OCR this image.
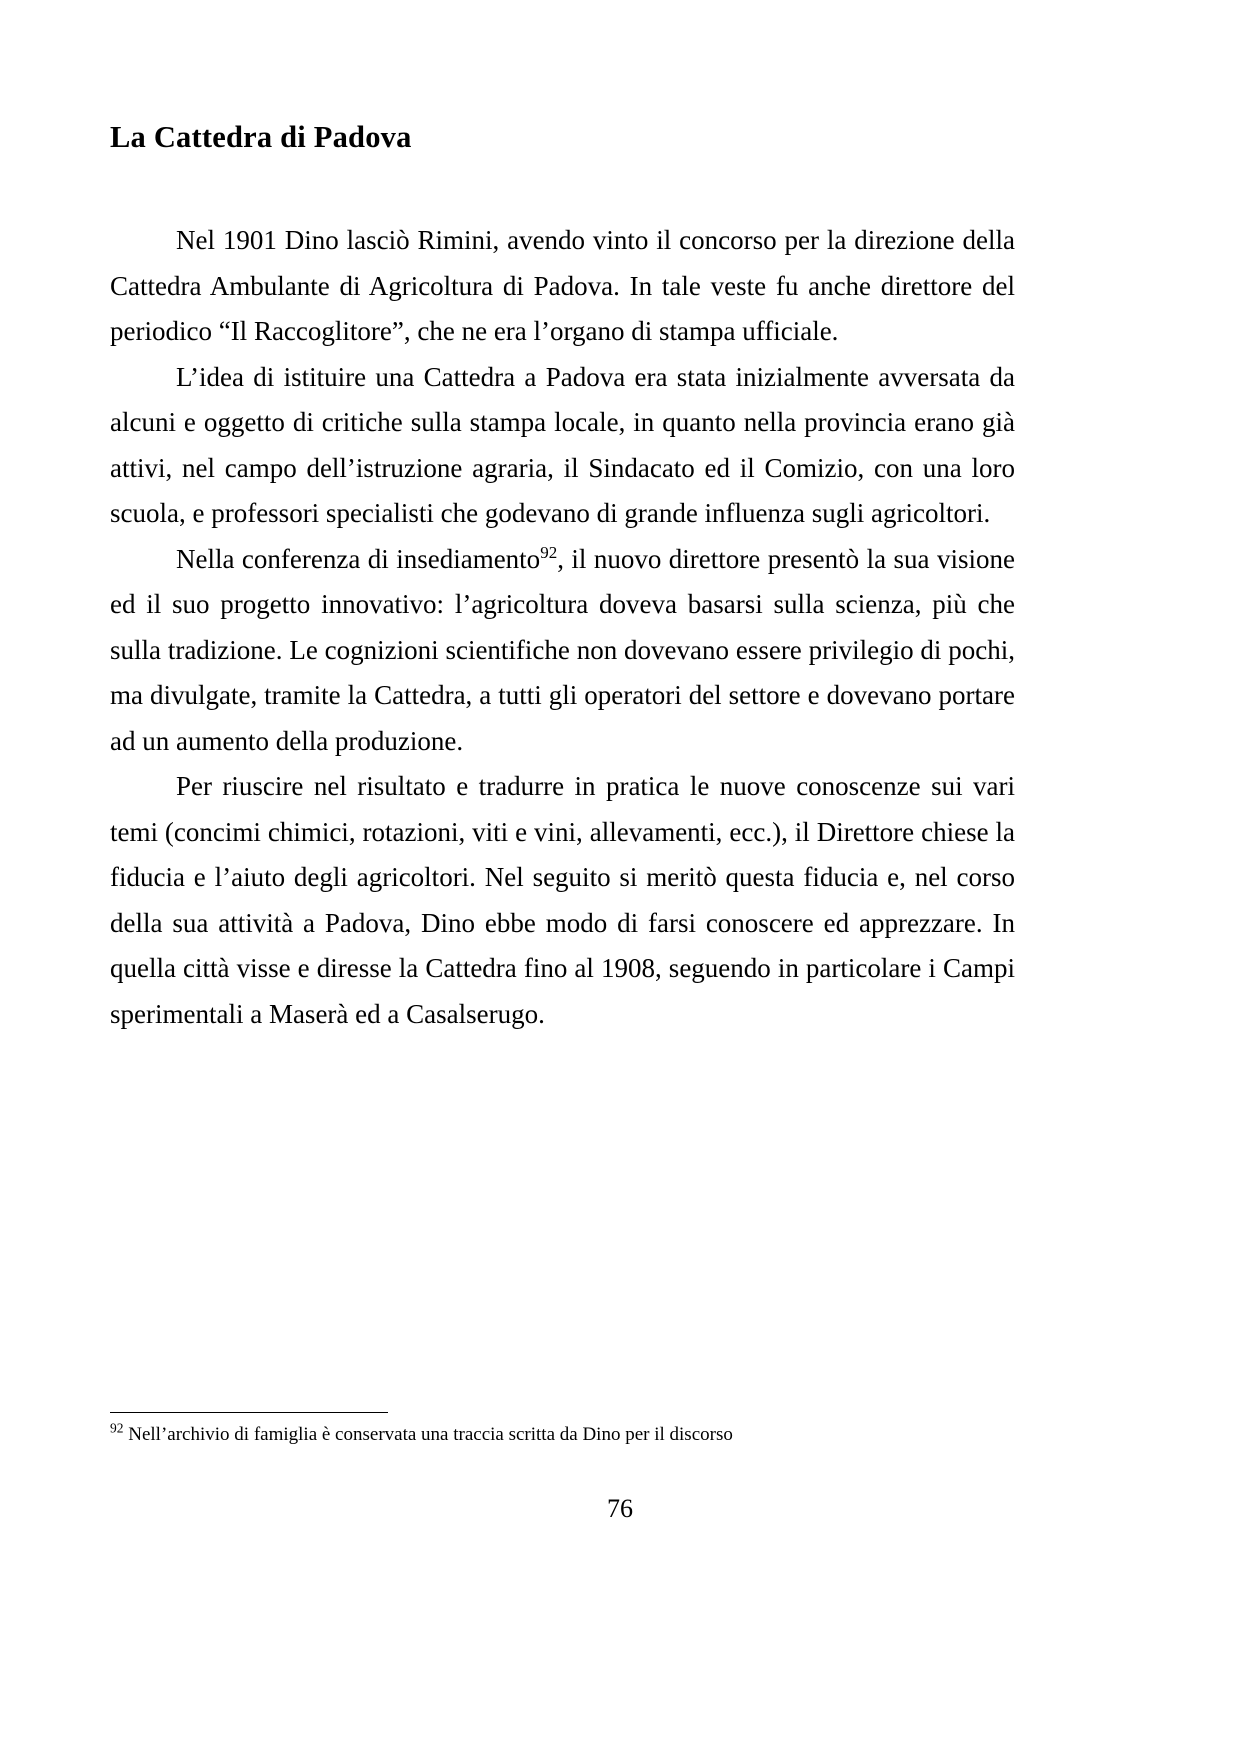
La Cattedra di Padova

Nel 1901 Dino lasciò Rimini, avendo vinto il concorso per la direzione della Cattedra Ambulante di Agricoltura di Padova. In tale veste fu anche direttore del periodico “Il Raccoglitore”, che ne era l’organo di stampa ufficiale.

L’idea di istituire una Cattedra a Padova era stata inizialmente avversata da alcuni e oggetto di critiche sulla stampa locale, in quanto nella provincia erano già attivi, nel campo dell’istruzione agraria, il Sindacato ed il Comizio, con una loro scuola, e professori specialisti che godevano di grande influenza sugli agricoltori.

Nella conferenza di insediamento$^{92}$, il nuovo direttore presentò la sua visione ed il suo progetto innovativo: l’agricoltura doveva basarsi sulla scienza, più che sulla tradizione. Le cognizioni scientifiche non dovevano essere privilegio di pochi, ma divulgate, tramite la Cattedra, a tutti gli operatori del settore e dovevano portare ad un aumento della produzione.

Per riuscire nel risultato e tradurre in pratica le nuove conoscenze sui vari temi (concimi chimici, rotazioni, viti e vini, allevamenti, ecc.), il Direttore chiese la fiducia e l’aiuto degli agricoltori. Nel seguito si meritò questa fiducia e, nel corso della sua attività a Padova, Dino ebbe modo di farsi conoscere ed apprezzare. In quella città visse e diresse la Cattedra fino al 1908, seguendo in particolare i Campi sperimentali a Maserà ed a Casalserugo.

$^{92}$ Nell’archivio di famiglia è conservata una traccia scritta da Dino per il discorso

76
